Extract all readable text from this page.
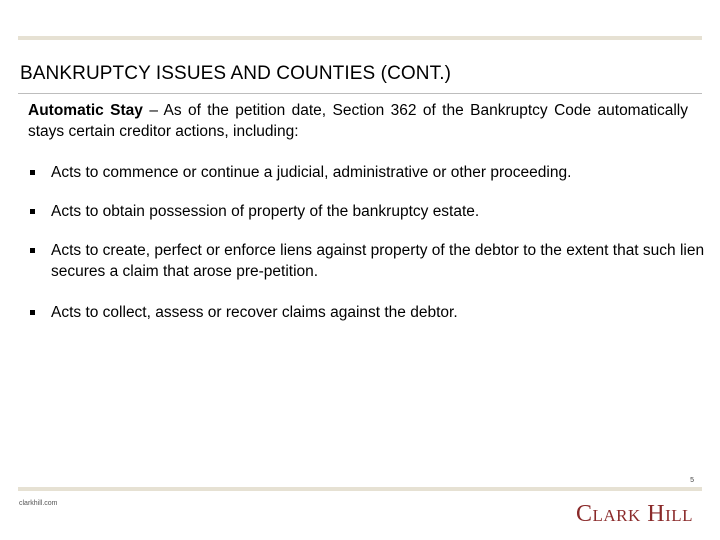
BANKRUPTCY ISSUES AND COUNTIES (CONT.)

Automatic Stay – As of the petition date, Section 362 of the Bankruptcy Code automatically stays certain creditor actions, including:

Acts to commence or continue a judicial, administrative or other proceeding.
Acts to obtain possession of property of the bankruptcy estate.
Acts to create, perfect or enforce liens against property of the debtor to the extent that such lien secures a claim that arose pre-petition.
Acts to collect, assess or recover claims against the debtor.
5
clarkhill.com	Clark Hill
